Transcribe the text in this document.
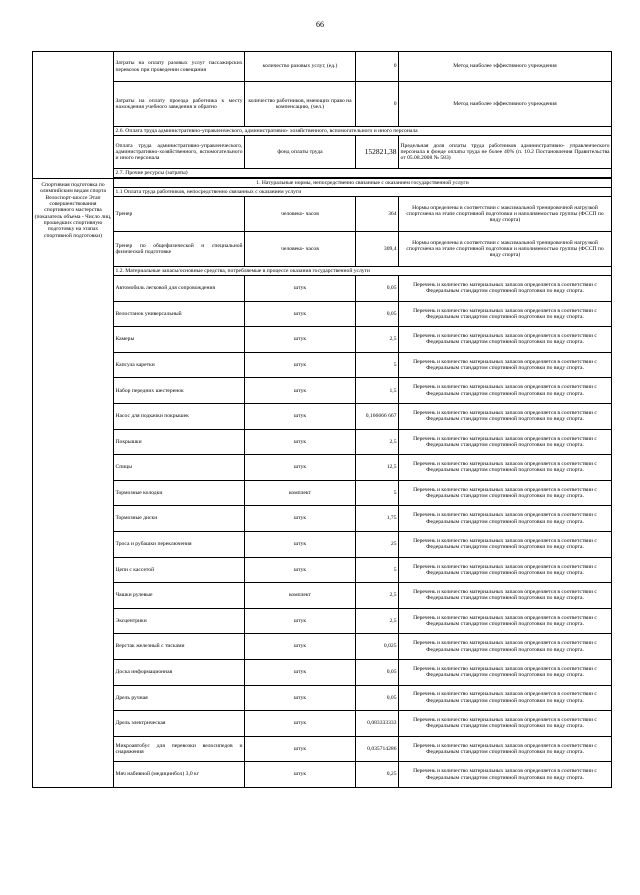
66
	Затраты на оплату разовых услуг пассажирских перевозок при проведении совещания	количество разовых услуг, (ед.)	0	Метод наиболее эффективного учреждения
	Затраты на оплату проезда работника к месту нахождения учебного заведения и обратно	количество работников, имеющих право на компенсацию, (чел.)	0	Метод наиболее эффективного учреждения
	2.6. Оплата труда административно-управленческого, административно- хозяйственного, вспомогательного и иного персонала			
	Оплата труда административно-управленческого, административно-хозяйственного, вспомогательного и иного персонала	фонд оплаты труда	152821,38	Предельная доля оплаты труда работников административно- управленческого персонала в фонде оплаты труда не более 40% (п. 10.2 Постановления Правительства от 05.08.2008 № 583)
	2.7. Прочие ресурсы (затраты)			

Спортивная подготовка по олимпийским видам спорта Велоспорт-шоссе Этап совершенствования спортивного мастерства (показатель объема - Число лиц, прошедших спортивную подготовку на этапах спортивной подготовки)	1. Натуральные нормы, непосредственно связанные с оказанием государственной услуги			
	1.1 Оплата труда работников, непосредственно связанных с оказанием услуги			
	Тренер	человеко- часов	364	Нормы определены в соответствии с максимальной тренировочной нагрузкой спортсмена на этапе спортивной подготовки и наполняемостью группы (ФССП по виду спорта)
	Тренер по общефизической и специальной физической подготовке	человеко- часов	309,4	Нормы определены в соответствии с максимальной тренировочной нагрузкой спортсмена на этапе спортивной подготовки и наполняемостью группы (ФССП по виду спорта)
	1.2. Материальные запасы/основные средства, потребляемые в процессе оказания государственной услуги			
	Автомобиль легковой для сопровождения	штук	0,05	Перечень и количество материальных запасов определяется в соответствии с Федеральным стандартом спортивной подготовки по виду спорта.
	Велостанок универсальный	штук	0,05	Перечень и количество материальных запасов определяется в соответствии с Федеральным стандартом спортивной подготовки по виду спорта.
	Камеры	штук	2,5	Перечень и количество материальных запасов определяется в соответствии с Федеральным стандартом спортивной подготовки по виду спорта.
	Капсула каретки	штук	5	Перечень и количество материальных запасов определяется в соответствии с Федеральным стандартом спортивной подготовки по виду спорта.
	Набор передних шестеренок	штук	1,5	Перечень и количество материальных запасов определяется в соответствии с Федеральным стандартом спортивной подготовки по виду спорта.
	Насос для подкачки покрышек	штук	0,166666 667	Перечень и количество материальных запасов определяется в соответствии с Федеральным стандартом спортивной подготовки по виду спорта.
	Покрышки	штук	2,5	Перечень и количество материальных запасов определяется в соответствии с Федеральным стандартом спортивной подготовки по виду спорта.
	Спицы	штук	12,5	Перечень и количество материальных запасов определяется в соответствии с Федеральным стандартом спортивной подготовки по виду спорта.
	Тормозные колодки	комплект	5	Перечень и количество материальных запасов определяется в соответствии с Федеральным стандартом спортивной подготовки по виду спорта.
	Тормозные диски	штук	1,75	Перечень и количество материальных запасов определяется в соответствии с Федеральным стандартом спортивной подготовки по виду спорта.
	Троса и рубашки переключения	штук	25	Перечень и количество материальных запасов определяется в соответствии с Федеральным стандартом спортивной подготовки по виду спорта.
	Цепи с кассетой	штук	5	Перечень и количество материальных запасов определяется в соответствии с Федеральным стандартом спортивной подготовки по виду спорта.
	Чашки рулевые	комплект	2,5	Перечень и количество материальных запасов определяется в соответствии с Федеральным стандартом спортивной подготовки по виду спорта.
	Эксцентрики	штук	2,5	Перечень и количество материальных запасов определяется в соответствии с Федеральным стандартом спортивной подготовки по виду спорта.
	Верстак железный с тисками	штук	0,025	Перечень и количество материальных запасов определяется в соответствии с Федеральным стандартом спортивной подготовки по виду спорта.
	Доска информационная	штук	0,05	Перечень и количество материальных запасов определяется в соответствии с Федеральным стандартом спортивной подготовки по виду спорта.
	Дрель ручная	штук	0,05	Перечень и количество материальных запасов определяется в соответствии с Федеральным стандартом спортивной подготовки по виду спорта.
	Дрель электрическая	штук	0,083333333	Перечень и количество материальных запасов определяется в соответствии с Федеральным стандартом спортивной подготовки по виду спорта.
	Микроавтобус для перевозки велосипедов и снаряжения	штук	0,035714286	Перечень и количество материальных запасов определяется в соответствии с Федеральным стандартом спортивной подготовки по виду спорта.
	Мяч набивной (медицинбол) 3,0 кг	штук	0,25	Перечень и количество материальных запасов определяется в соответствии с Федеральным стандартом спортивной подготовки по виду спорта.
